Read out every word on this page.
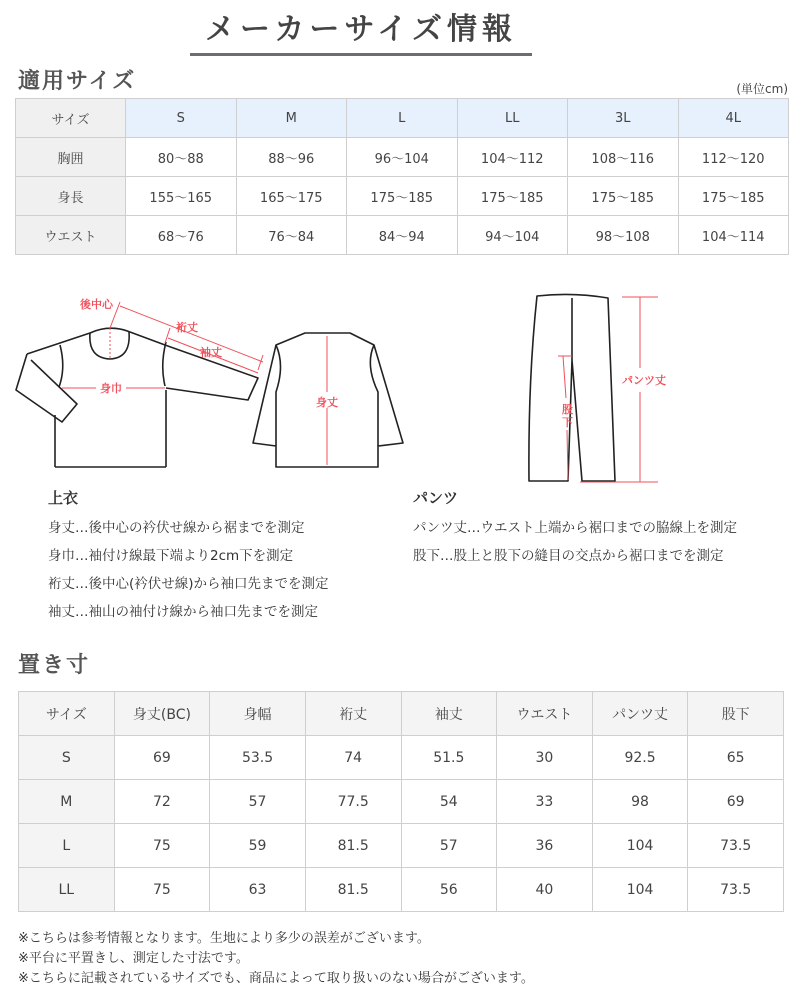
メーカーサイズ情報
適用サイズ	(単位cm)
サイズ	S	M	L	LL	3L	4L
胸囲	80〜88	88〜96	96〜104	104〜112	108〜116	112〜120
身長	155〜165	165〜175	175〜185	175〜185	175〜185	175〜185
ウエスト	68〜76	76〜84	84〜94	94〜104	98〜108	104〜114
後中心
裄丈
袖丈
身巾
身丈
パンツ丈
股
下
上衣
身丈…後中心の衿伏せ線から裾までを測定
身巾…袖付け線最下端より2cm下を測定
裄丈…後中心(衿伏せ線)から袖口先までを測定
袖丈…袖山の袖付け線から袖口先までを測定
パンツ
パンツ丈…ウエスト上端から裾口までの脇線上を測定
股下…股上と股下の縫目の交点から裾口までを測定
置き寸
サイズ	身丈(BC)	身幅	裄丈	袖丈	ウエスト	パンツ丈	股下
S	69	53.5	74	51.5	30	92.5	65
M	72	57	77.5	54	33	98	69
L	75	59	81.5	57	36	104	73.5
LL	75	63	81.5	56	40	104	73.5
※こちらは参考情報となります。生地により多少の誤差がございます。
※平台に平置きし、測定した寸法です。
※こちらに記載されているサイズでも、商品によって取り扱いのない場合がございます。
